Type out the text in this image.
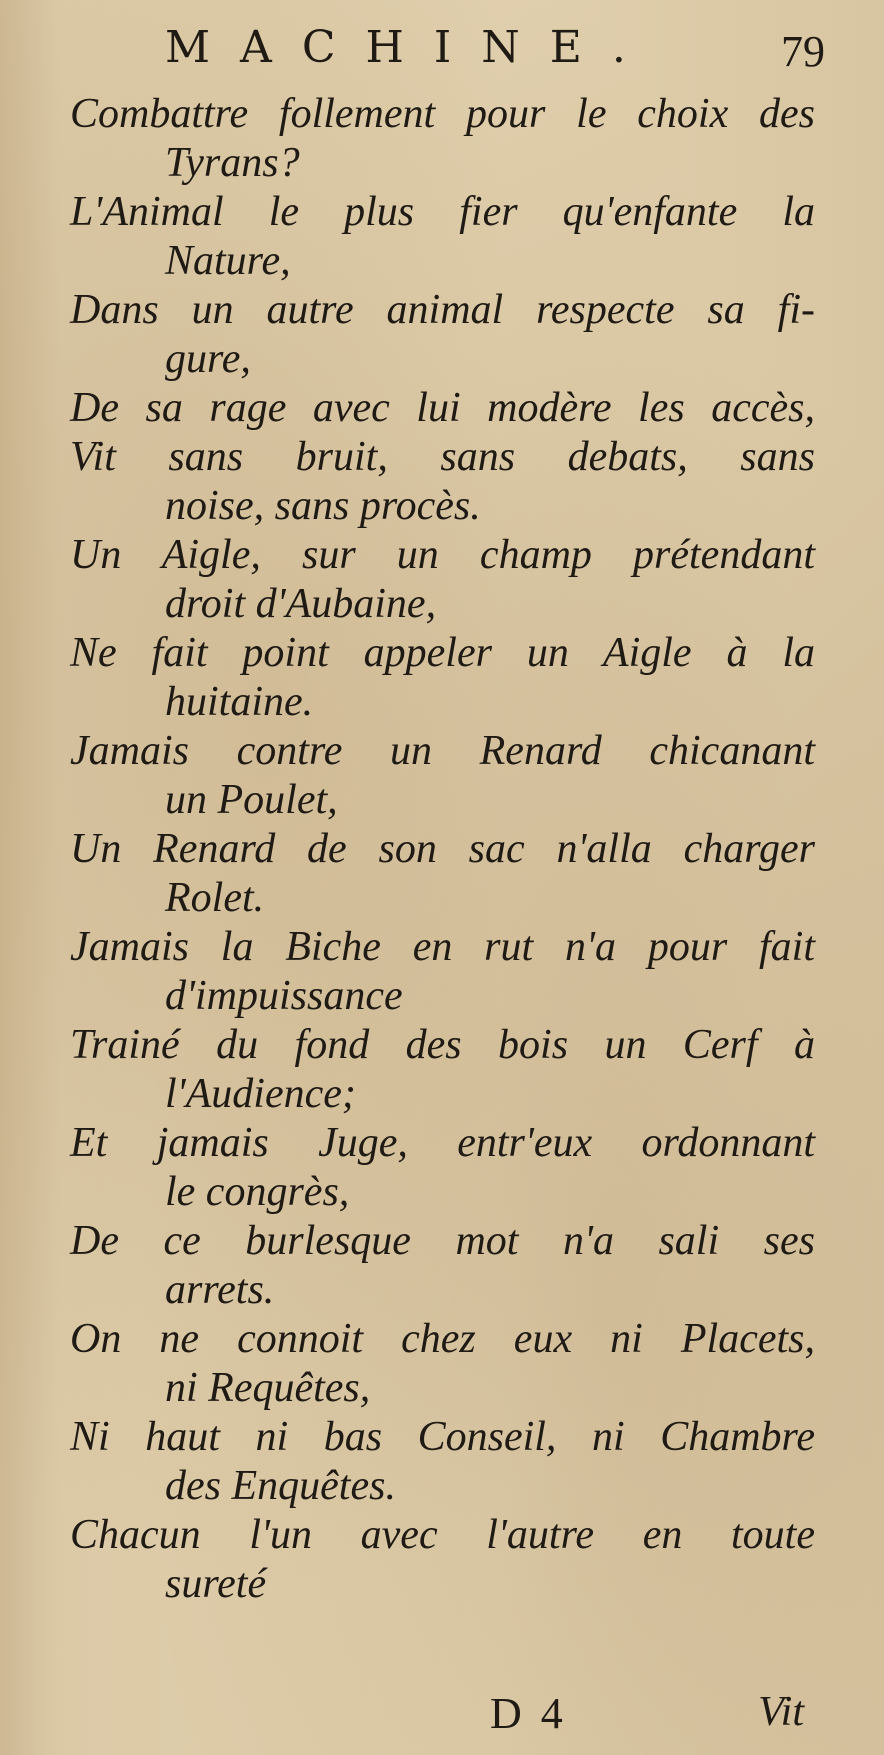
MACHINE.	79
Combattre follement pour le choix des
Tyrans?
L'Animal le plus fier qu'enfante la
Nature,
Dans un autre animal respecte sa fi-
gure,
De sa rage avec lui modère les accès,
Vit sans bruit, sans debats, sans
noise, sans procès.
Un Aigle, sur un champ prétendant
droit d'Aubaine,
Ne fait point appeler un Aigle à la
huitaine.
Jamais contre un Renard chicanant
un Poulet,
Un Renard de son sac n'alla charger
Rolet.
Jamais la Biche en rut n'a pour fait
d'impuissance
Trainé du fond des bois un Cerf à
l'Audience;
Et jamais Juge, entr'eux ordonnant
le congrès,
De ce burlesque mot n'a sali ses
arrets.
On ne connoit chez eux ni Placets,
ni Requêtes,
Ni haut ni bas Conseil, ni Chambre
des Enquêtes.
Chacun l'un avec l'autre en toute
sureté
D 4	Vit
